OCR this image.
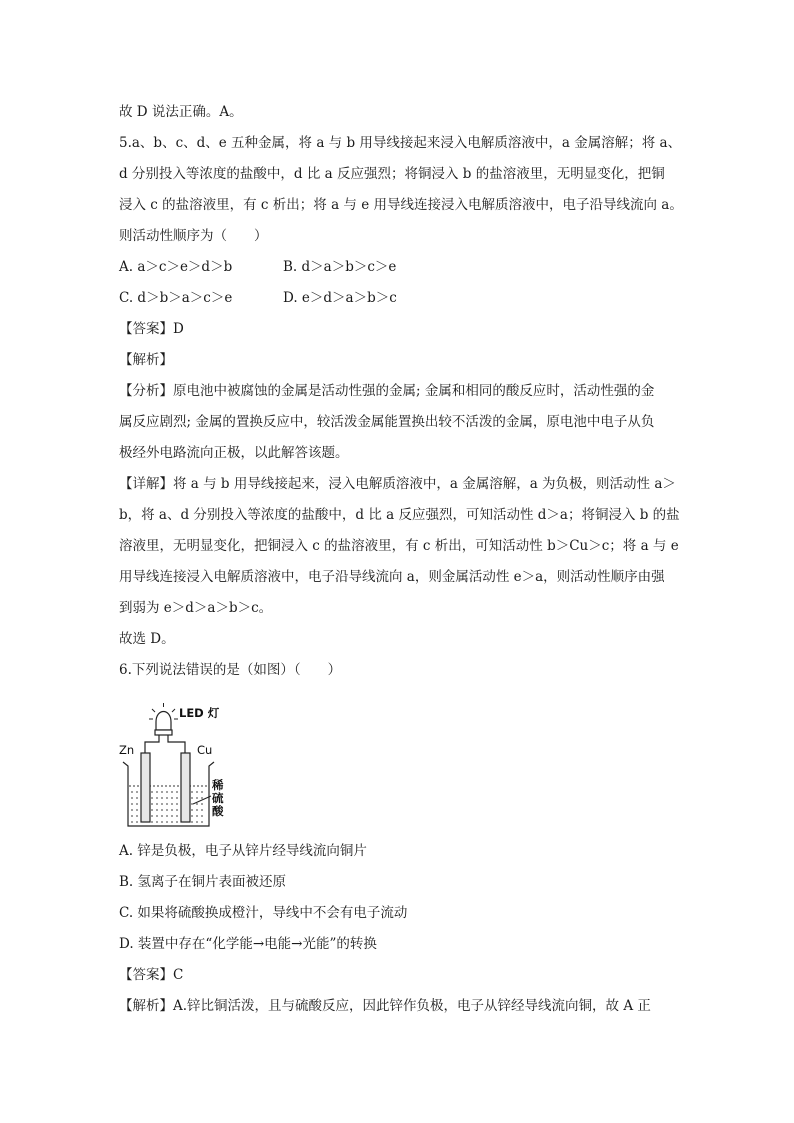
故 D 说法正确。A。
5.a、b、c、d、e 五种金属，将 a 与 b 用导线接起来浸入电解质溶液中，a 金属溶解；将 a、
d 分别投入等浓度的盐酸中，d 比 a 反应强烈；将铜浸入 b 的盐溶液里，无明显变化，把铜
浸入 c 的盐溶液里，有 c 析出；将 a 与 e 用导线连接浸入电解质溶液中，电子沿导线流向 a。
则活动性顺序为（　　）
A. a＞c＞e＞d＞b	B. d＞a＞b＞c＞e
C. d＞b＞a＞c＞e	D. e＞d＞a＞b＞c
【答案】D
【解析】
【分析】原电池中被腐蚀的金属是活动性强的金属; 金属和相同的酸反应时，活动性强的金
属反应剧烈; 金属的置换反应中，较活泼金属能置换出较不活泼的金属，原电池中电子从负
极经外电路流向正极，以此解答该题。
【详解】将 a 与 b 用导线接起来，浸入电解质溶液中，a 金属溶解，a 为负极，则活动性 a＞
b，将 a、d 分别投入等浓度的盐酸中，d 比 a 反应强烈，可知活动性 d＞a；将铜浸入 b 的盐
溶液里，无明显变化，把铜浸入 c 的盐溶液里，有 c 析出，可知活动性 b＞Cu＞c；将 a 与 e
用导线连接浸入电解质溶液中，电子沿导线流向 a，则金属活动性 e＞a，则活动性顺序由强
到弱为 e＞d＞a＞b＞c。
故选 D。
6.下列说法错误的是（如图）（　　）
LED 灯
Zn	Cu
稀
硫
酸
A. 锌是负极，电子从锌片经导线流向铜片
B. 氢离子在铜片表面被还原
C. 如果将硫酸换成橙汁，导线中不会有电子流动
D. 装置中存在“化学能→电能→光能”的转换
【答案】C
【解析】A.锌比铜活泼，且与硫酸反应，因此锌作负极，电子从锌经导线流向铜，故 A 正
